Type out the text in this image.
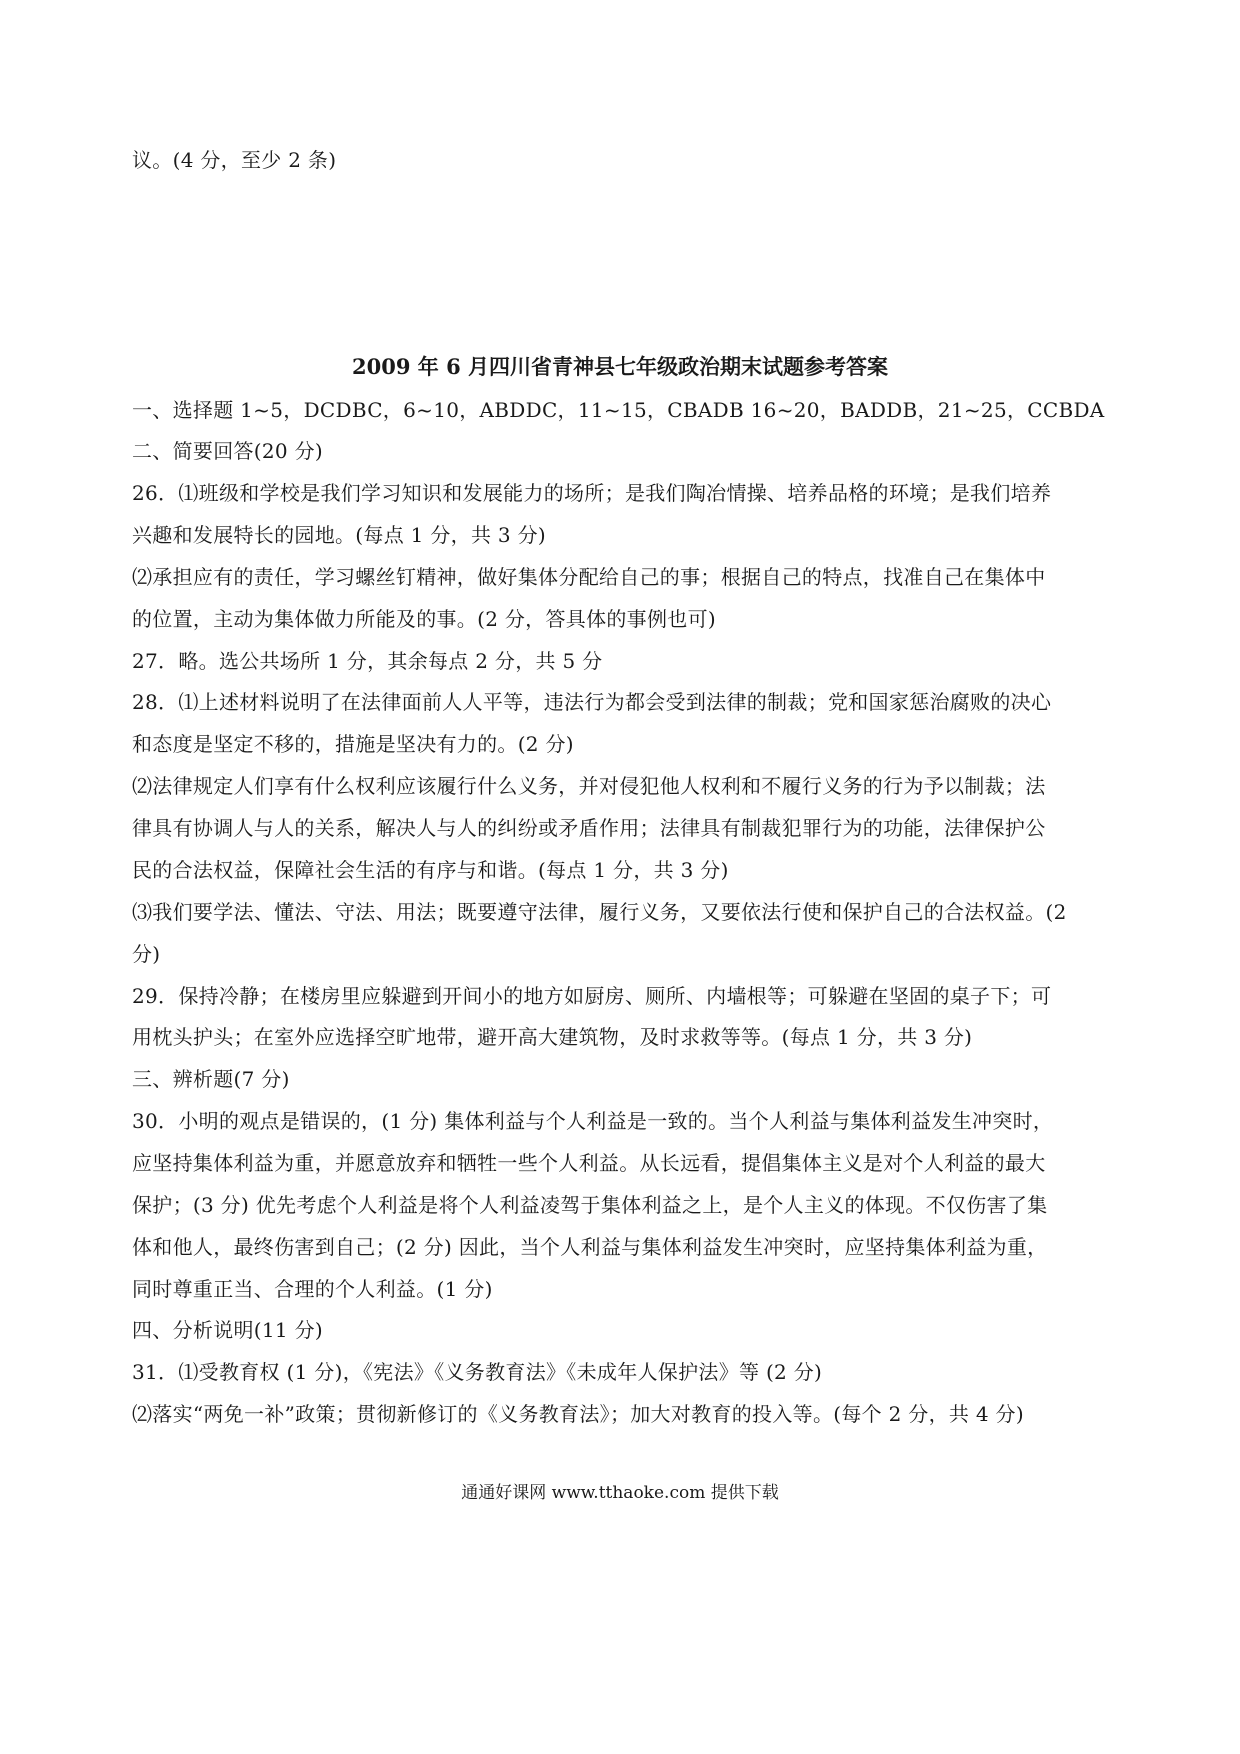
议。(4 分，至少 2 条)
2009 年 6 月四川省青神县七年级政治期末试题参考答案
一、选择题 1~5，DCDBC，6~10，ABDDC，11~15，CBADB 16~20，BADDB，21~25，CCBDA
二、简要回答(20 分)
26．⑴班级和学校是我们学习知识和发展能力的场所；是我们陶冶情操、培养品格的环境；是我们培养
兴趣和发展特长的园地。(每点 1 分，共 3 分)
⑵承担应有的责任，学习螺丝钉精神，做好集体分配给自己的事；根据自己的特点，找准自己在集体中
的位置，主动为集体做力所能及的事。(2 分，答具体的事例也可)
27．略。选公共场所 1 分，其余每点 2 分，共 5 分
28．⑴上述材料说明了在法律面前人人平等，违法行为都会受到法律的制裁；党和国家惩治腐败的决心
和态度是坚定不移的，措施是坚决有力的。(2 分)
⑵法律规定人们享有什么权利应该履行什么义务，并对侵犯他人权利和不履行义务的行为予以制裁；法
律具有协调人与人的关系，解决人与人的纠纷或矛盾作用；法律具有制裁犯罪行为的功能，法律保护公
民的合法权益，保障社会生活的有序与和谐。(每点 1 分，共 3 分)
⑶我们要学法、懂法、守法、用法；既要遵守法律，履行义务，又要依法行使和保护自己的合法权益。(2
分)
29．保持冷静；在楼房里应躲避到开间小的地方如厨房、厕所、内墙根等；可躲避在坚固的桌子下；可
用枕头护头；在室外应选择空旷地带，避开高大建筑物，及时求救等等。(每点 1 分，共 3 分)
三、辨析题(7 分)
30．小明的观点是错误的，(1 分) 集体利益与个人利益是一致的。当个人利益与集体利益发生冲突时，
应坚持集体利益为重，并愿意放弃和牺牲一些个人利益。从长远看，提倡集体主义是对个人利益的最大
保护；(3 分) 优先考虑个人利益是将个人利益凌驾于集体利益之上，是个人主义的体现。不仅伤害了集
体和他人，最终伤害到自己；(2 分) 因此，当个人利益与集体利益发生冲突时，应坚持集体利益为重，
同时尊重正当、合理的个人利益。(1 分)
四、分析说明(11 分)
31．⑴受教育权 (1 分)，《宪法》《义务教育法》《未成年人保护法》等 (2 分)
⑵落实“两免一补”政策；贯彻新修订的《义务教育法》；加大对教育的投入等。(每个 2 分，共 4 分)
通通好课网 www.tthaoke.com 提供下载
